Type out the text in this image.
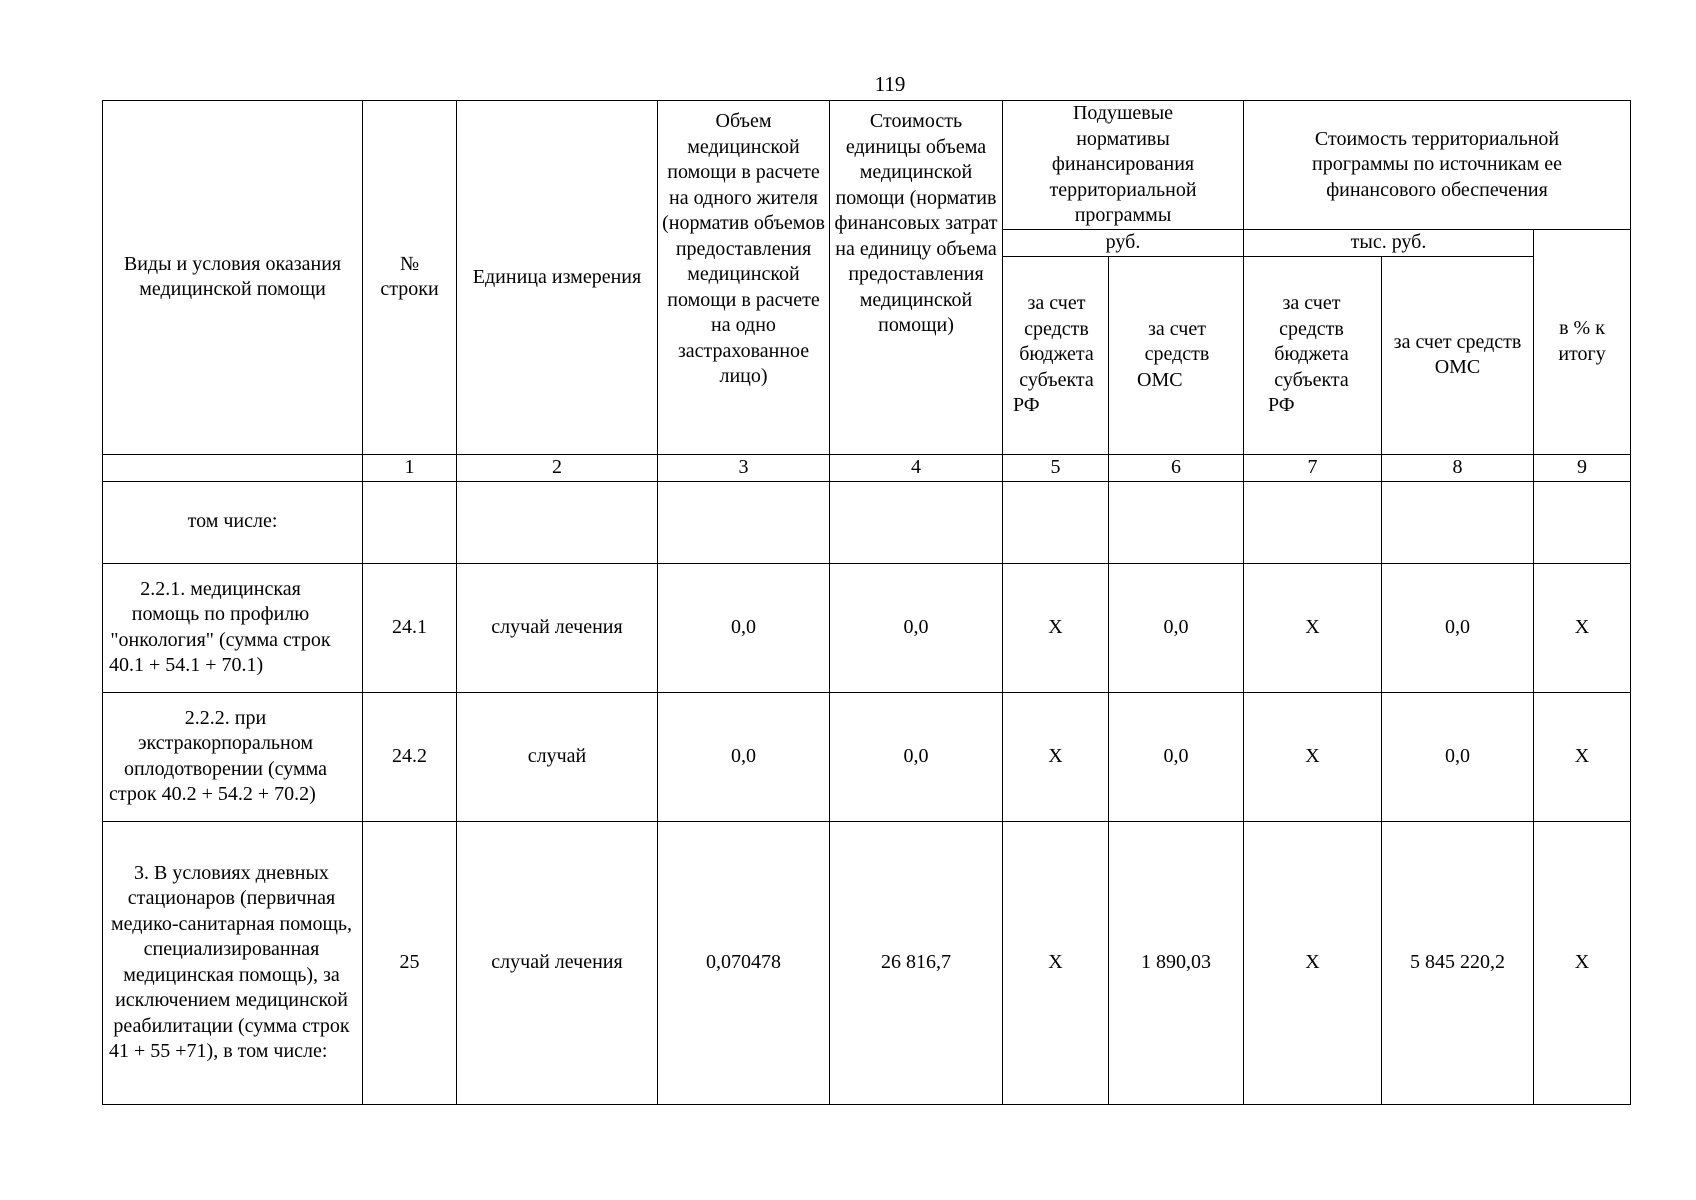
119
Виды и условия оказания медицинской помощи	№ строки	Единица измерения	Объем медицинской помощи в расчете на одного жителя (норматив объемов предоставления медицинской помощи в расчете на одно застрахованное лицо)	Стоимость единицы объема медицинской помощи (норматив финансовых затрат на единицу объема предоставления медицинской помощи)	Подушевые нормативы финансирования территориальной программы		Стоимость территориальной программы по источникам ее финансового обеспечения		
					руб.		тыс. руб.		в % к итогу
					за счет средств бюджета субъекта РФ	за счет средств ОМС	за счет средств бюджета субъекта РФ	за счет средств ОМС	
	1	2	3	4	5	6	7	8	9
том числе:									
2.2.1. медицинская помощь по профилю "онкология" (сумма строк 40.1 + 54.1 + 70.1)	24.1	случай лечения	0,0	0,0	Х	0,0	Х	0,0	Х
2.2.2. при экстракорпоральном оплодотворении (сумма строк 40.2 + 54.2 + 70.2)	24.2	случай	0,0	0,0	Х	0,0	Х	0,0	Х
3. В условиях дневных стационаров (первичная медико-санитарная помощь, специализированная медицинская помощь), за исключением медицинской реабилитации (сумма строк 41 + 55 +71), в том числе:	25	случай лечения	0,070478	26 816,7	Х	1 890,03	Х	5 845 220,2	Х
